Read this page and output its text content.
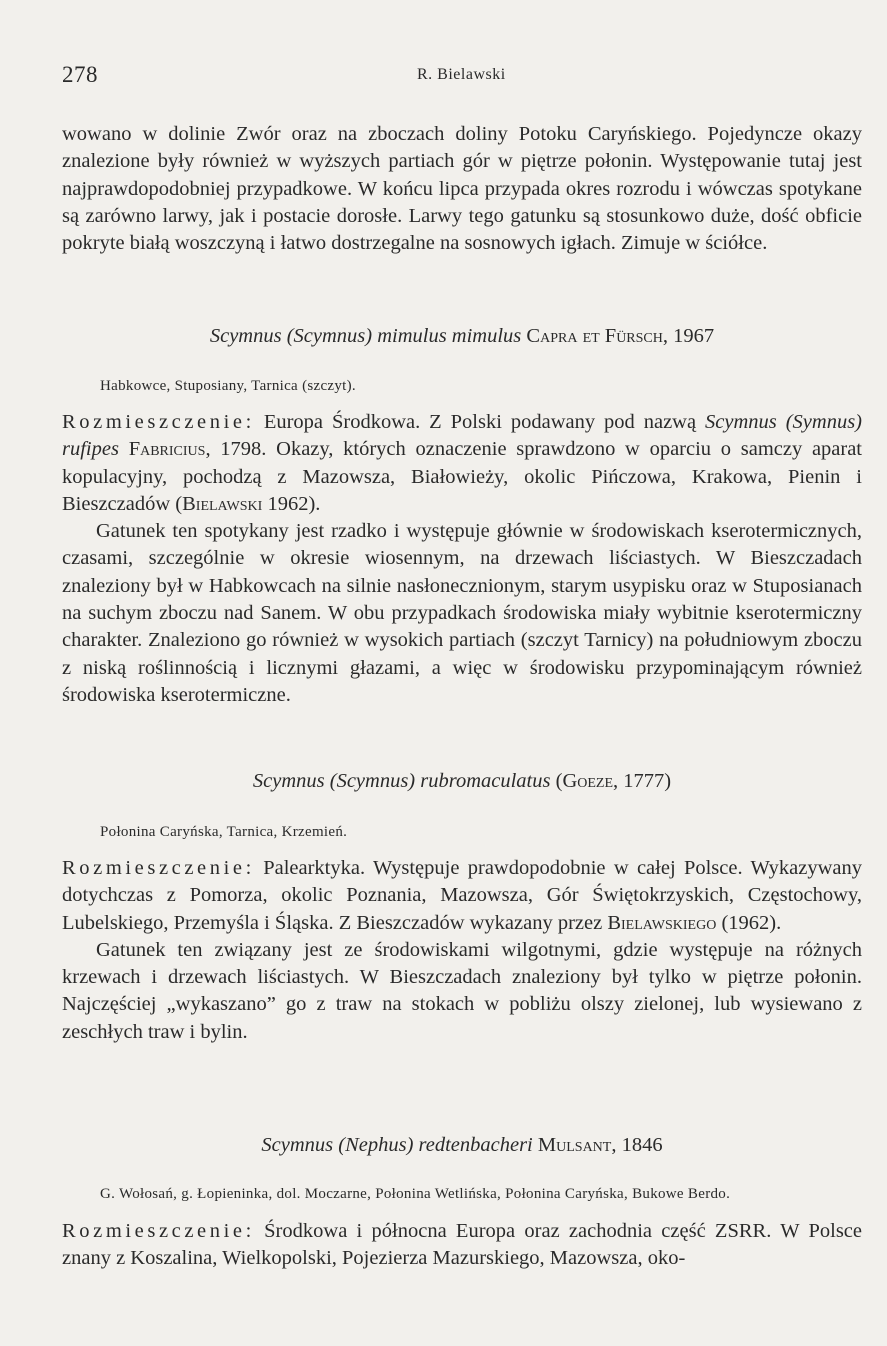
278	R. Bielawski

wowano w dolinie Zwór oraz na zboczach doliny Potoku Caryńskiego. Pojedyncze okazy znalezione były również w wyższych partiach gór w piętrze połonin. Występowanie tutaj jest najprawdopodobniej przypadkowe. W końcu lipca przypada okres rozrodu i wówczas spotykane są zarówno larwy, jak i postacie dorosłe. Larwy tego gatunku są stosunkowo duże, dość obficie pokryte białą woszczyną i łatwo dostrzegalne na sosnowych igłach. Zimuje w ściółce.

Scymnus (Scymnus) mimulus mimulus Capra et Fürsch, 1967
Habkowce, Stuposiany, Tarnica (szczyt).

Rozmieszczenie: Europa Środkowa. Z Polski podawany pod nazwą Scymnus (Symnus) rufipes Fabricius, 1798. Okazy, których oznaczenie sprawdzono w oparciu o samczy aparat kopulacyjny, pochodzą z Mazowsza, Białowieży, okolic Pińczowa, Krakowa, Pienin i Bieszczadów (Bielawski 1962).

Gatunek ten spotykany jest rzadko i występuje głównie w środowiskach kserotermicznych, czasami, szczególnie w okresie wiosennym, na drzewach liściastych. W Bieszczadach znaleziony był w Habkowcach na silnie nasłonecznionym, starym usypisku oraz w Stuposianach na suchym zboczu nad Sanem. W obu przypadkach środowiska miały wybitnie kserotermiczny charakter. Znaleziono go również w wysokich partiach (szczyt Tarnicy) na południowym zboczu z niską roślinnością i licznymi głazami, a więc w środowisku przypominającym również środowiska kserotermiczne.

Scymnus (Scymnus) rubromaculatus (Goeze, 1777)
Połonina Caryńska, Tarnica, Krzemień.

Rozmieszczenie: Palearktyka. Występuje prawdopodobnie w całej Polsce. Wykazywany dotychczas z Pomorza, okolic Poznania, Mazowsza, Gór Świętokrzyskich, Częstochowy, Lubelskiego, Przemyśla i Śląska. Z Bieszczadów wykazany przez Bielawskiego (1962).

Gatunek ten związany jest ze środowiskami wilgotnymi, gdzie występuje na różnych krzewach i drzewach liściastych. W Bieszczadach znaleziony był tylko w piętrze połonin. Najczęściej „wykaszano” go z traw na stokach w pobliżu olszy zielonej, lub wysiewano z zeschłych traw i bylin.

Scymnus (Nephus) redtenbacheri Mulsant, 1846
G. Wołosań, g. Łopieninka, dol. Moczarne, Połonina Wetlińska, Połonina Caryńska, Bukowe Berdo.

Rozmieszczenie: Środkowa i północna Europa oraz zachodnia część ZSRR. W Polsce znany z Koszalina, Wielkopolski, Pojezierza Mazurskiego, Mazowsza, oko-
